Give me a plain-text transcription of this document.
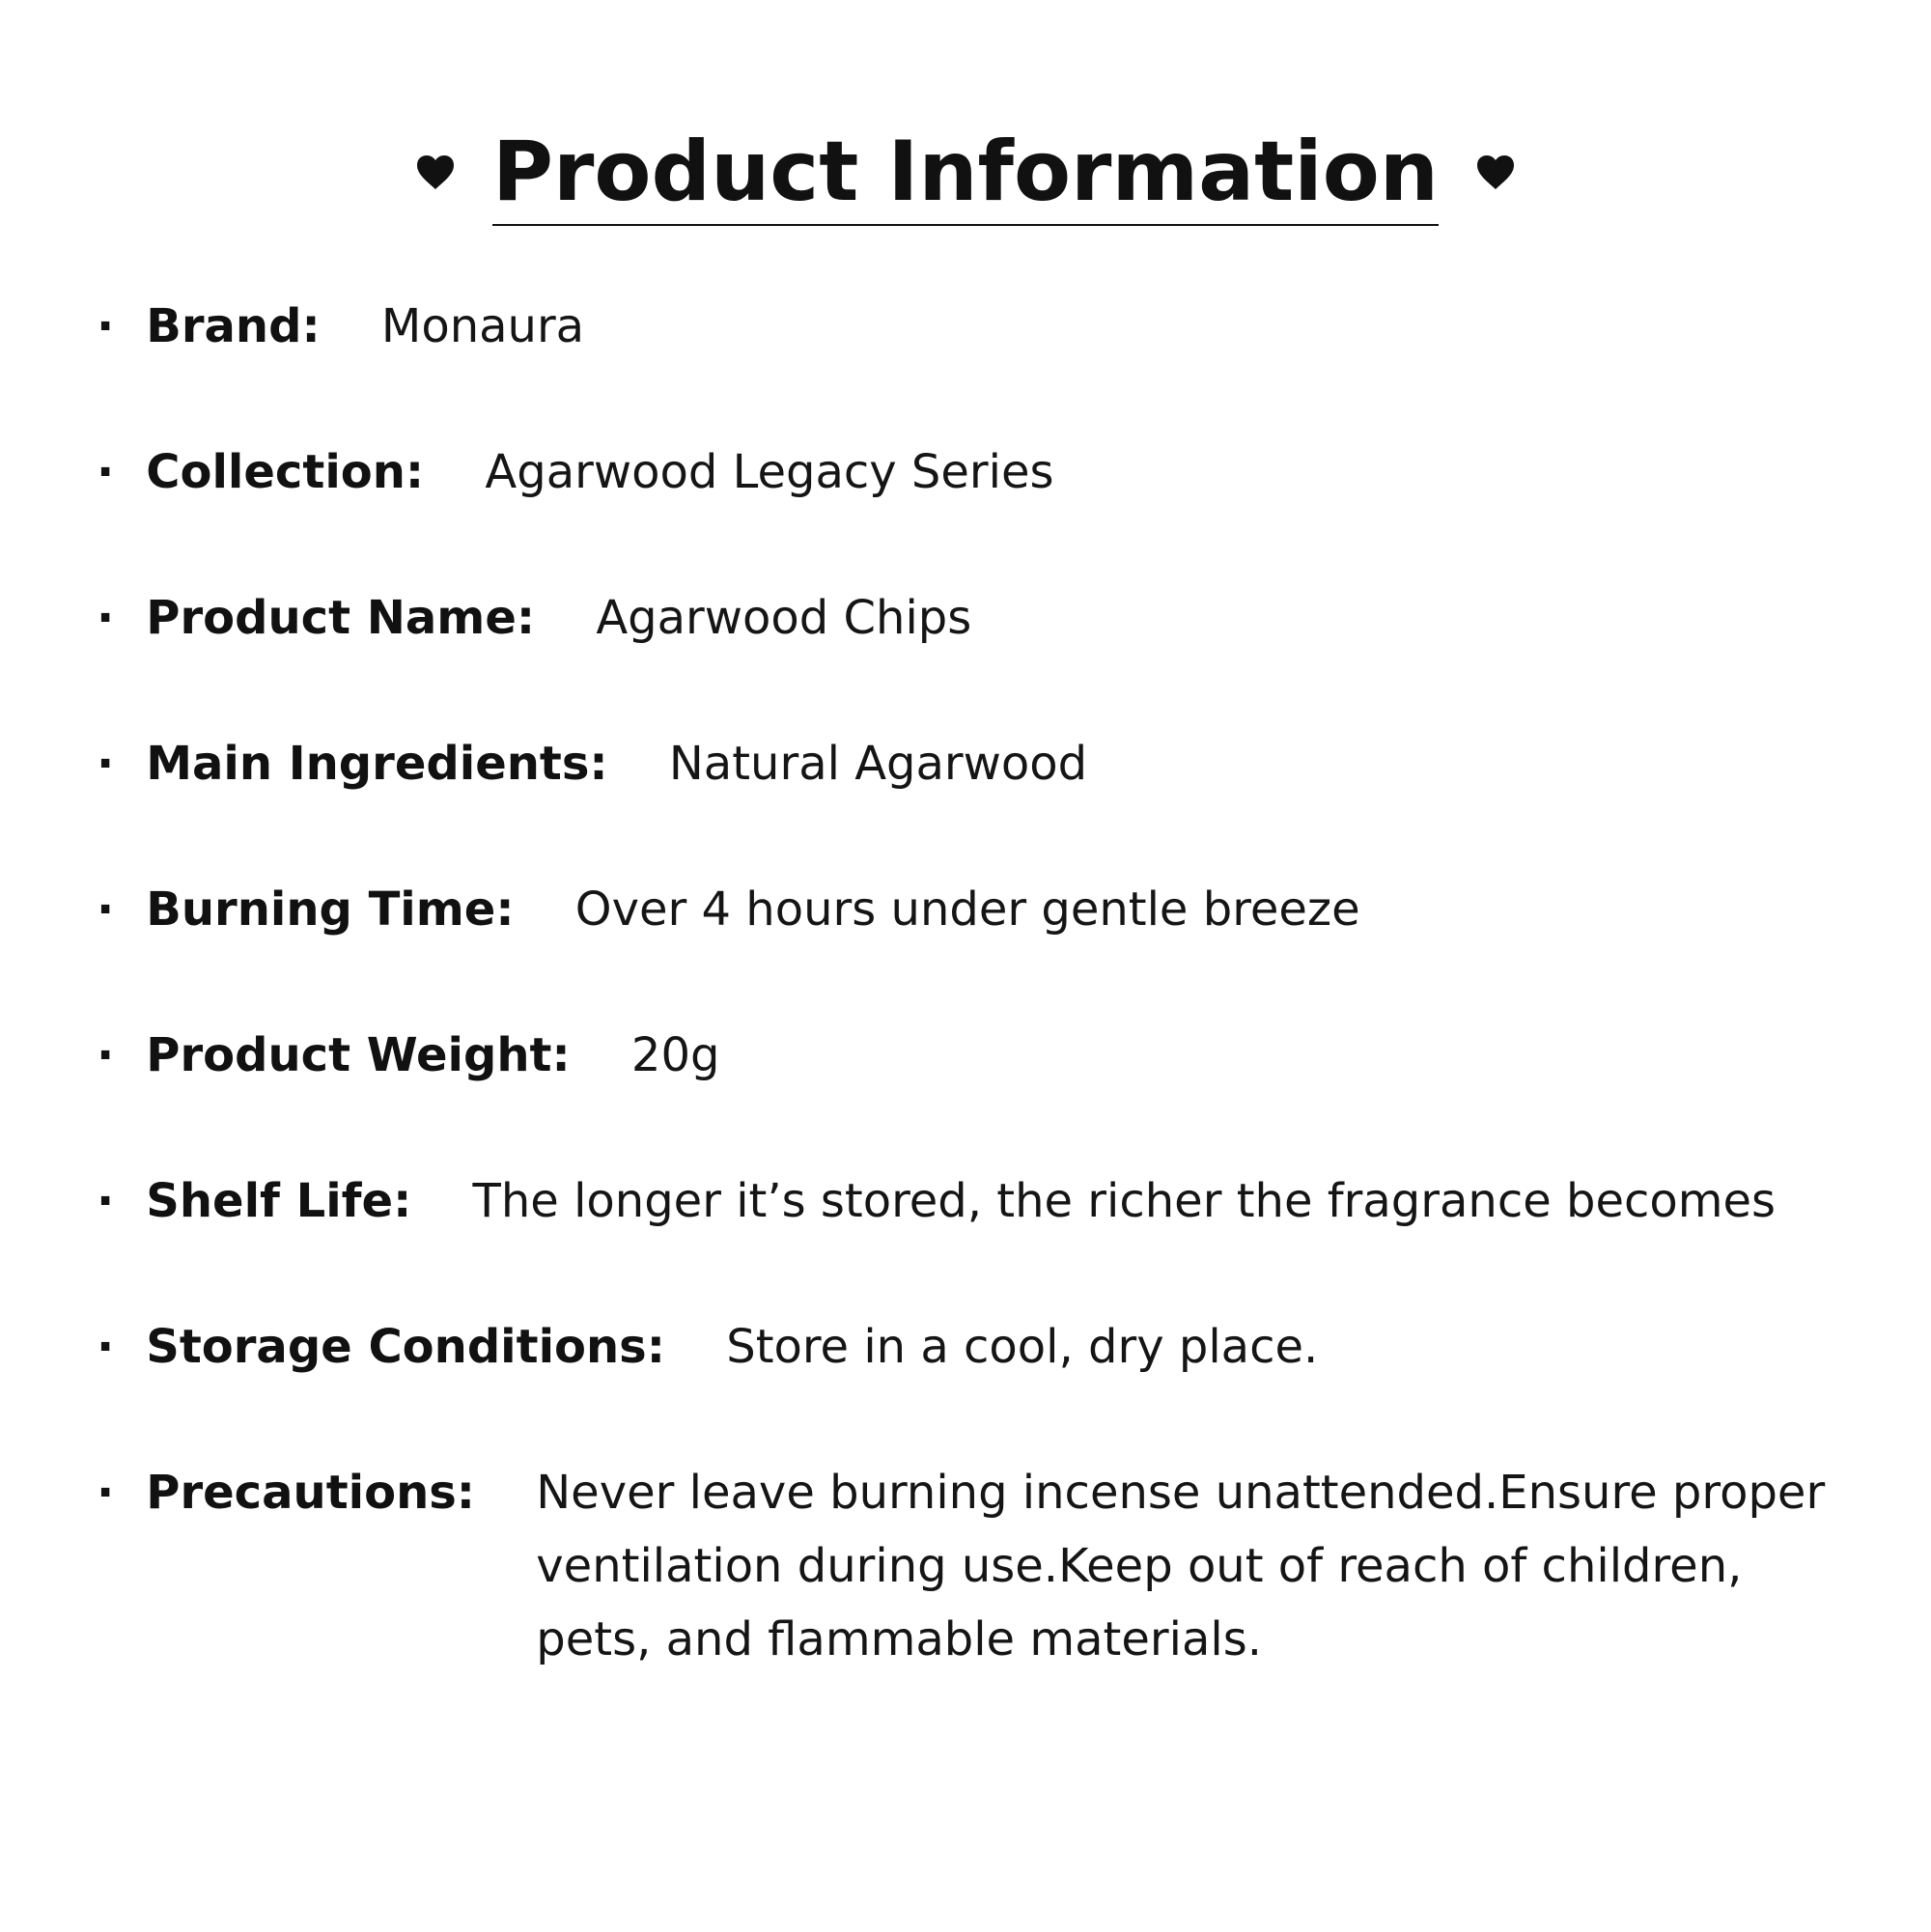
Product Information
· Brand: Monaura
· Collection: Agarwood Legacy Series
· Product Name: Agarwood Chips
· Main Ingredients: Natural Agarwood
· Burning Time: Over 4 hours under gentle breeze
· Product Weight: 20g
· Shelf Life: The longer it’s stored, the richer the fragrance becomes
· Storage Conditions: Store in a cool, dry place.
· Precautions: Never leave burning incense unattended.Ensure proper ventilation during use.Keep out of reach of children, pets, and flammable materials.
